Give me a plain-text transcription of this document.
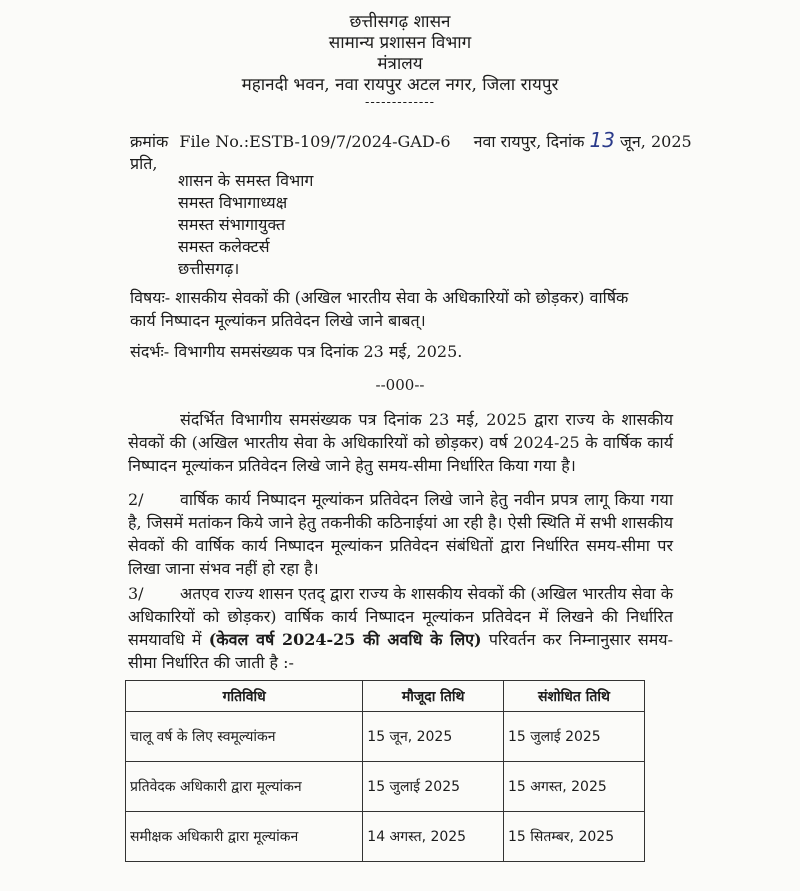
छत्तीसगढ़ शासन
सामान्य प्रशासन विभाग
मंत्रालय
महानदी भवन, नवा रायपुर अटल नगर, जिला रायपुर
-------------
क्रमांक File No.:ESTB-109/7/2024-GAD-6 नवा रायपुर, दिनांक 13 जून, 2025
प्रति,
शासन के समस्त विभाग
समस्त विभागाध्यक्ष
समस्त संभागायुक्त
समस्त कलेक्टर्स
छत्तीसगढ़।
विषयः- शासकीय सेवकों की (अखिल भारतीय सेवा के अधिकारियों को छोड़कर) वार्षिक
कार्य निष्पादन मूल्यांकन प्रतिवेदन लिखे जाने बाबत्।
संदर्भः- विभागीय समसंख्यक पत्र दिनांक 23 मई, 2025.
--000--
संदर्भित विभागीय समसंख्यक पत्र दिनांक 23 मई, 2025 द्वारा राज्य के शासकीय सेवकों की (अखिल भारतीय सेवा के अधिकारियों को छोड़कर) वर्ष 2024-25 के वार्षिक कार्य निष्पादन मूल्यांकन प्रतिवेदन लिखे जाने हेतु समय-सीमा निर्धारित किया गया है।
2/ वार्षिक कार्य निष्पादन मूल्यांकन प्रतिवेदन लिखे जाने हेतु नवीन प्रपत्र लागू किया गया है, जिसमें मतांकन किये जाने हेतु तकनीकी कठिनाईयां आ रही है। ऐसी स्थिति में सभी शासकीय सेवकों की वार्षिक कार्य निष्पादन मूल्यांकन प्रतिवेदन संबंधितों द्वारा निर्धारित समय-सीमा पर लिखा जाना संभव नहीं हो रहा है।
3/ अतएव राज्य शासन एतद् द्वारा राज्य के शासकीय सेवकों की (अखिल भारतीय सेवा के अधिकारियों को छोड़कर) वार्षिक कार्य निष्पादन मूल्यांकन प्रतिवेदन में लिखने की निर्धारित समयावधि में (केवल वर्ष 2024-25 की अवधि के लिए) परिवर्तन कर निम्नानुसार समय-सीमा निर्धारित की जाती है :-
गतिविधि	मौजूदा तिथि	संशोधित तिथि
चालू वर्ष के लिए स्वमूल्यांकन	15 जून, 2025	15 जुलाई 2025
प्रतिवेदक अधिकारी द्वारा मूल्यांकन	15 जुलाई 2025	15 अगस्त, 2025
समीक्षक अधिकारी द्वारा मूल्यांकन	14 अगस्त, 2025	15 सितम्बर, 2025
